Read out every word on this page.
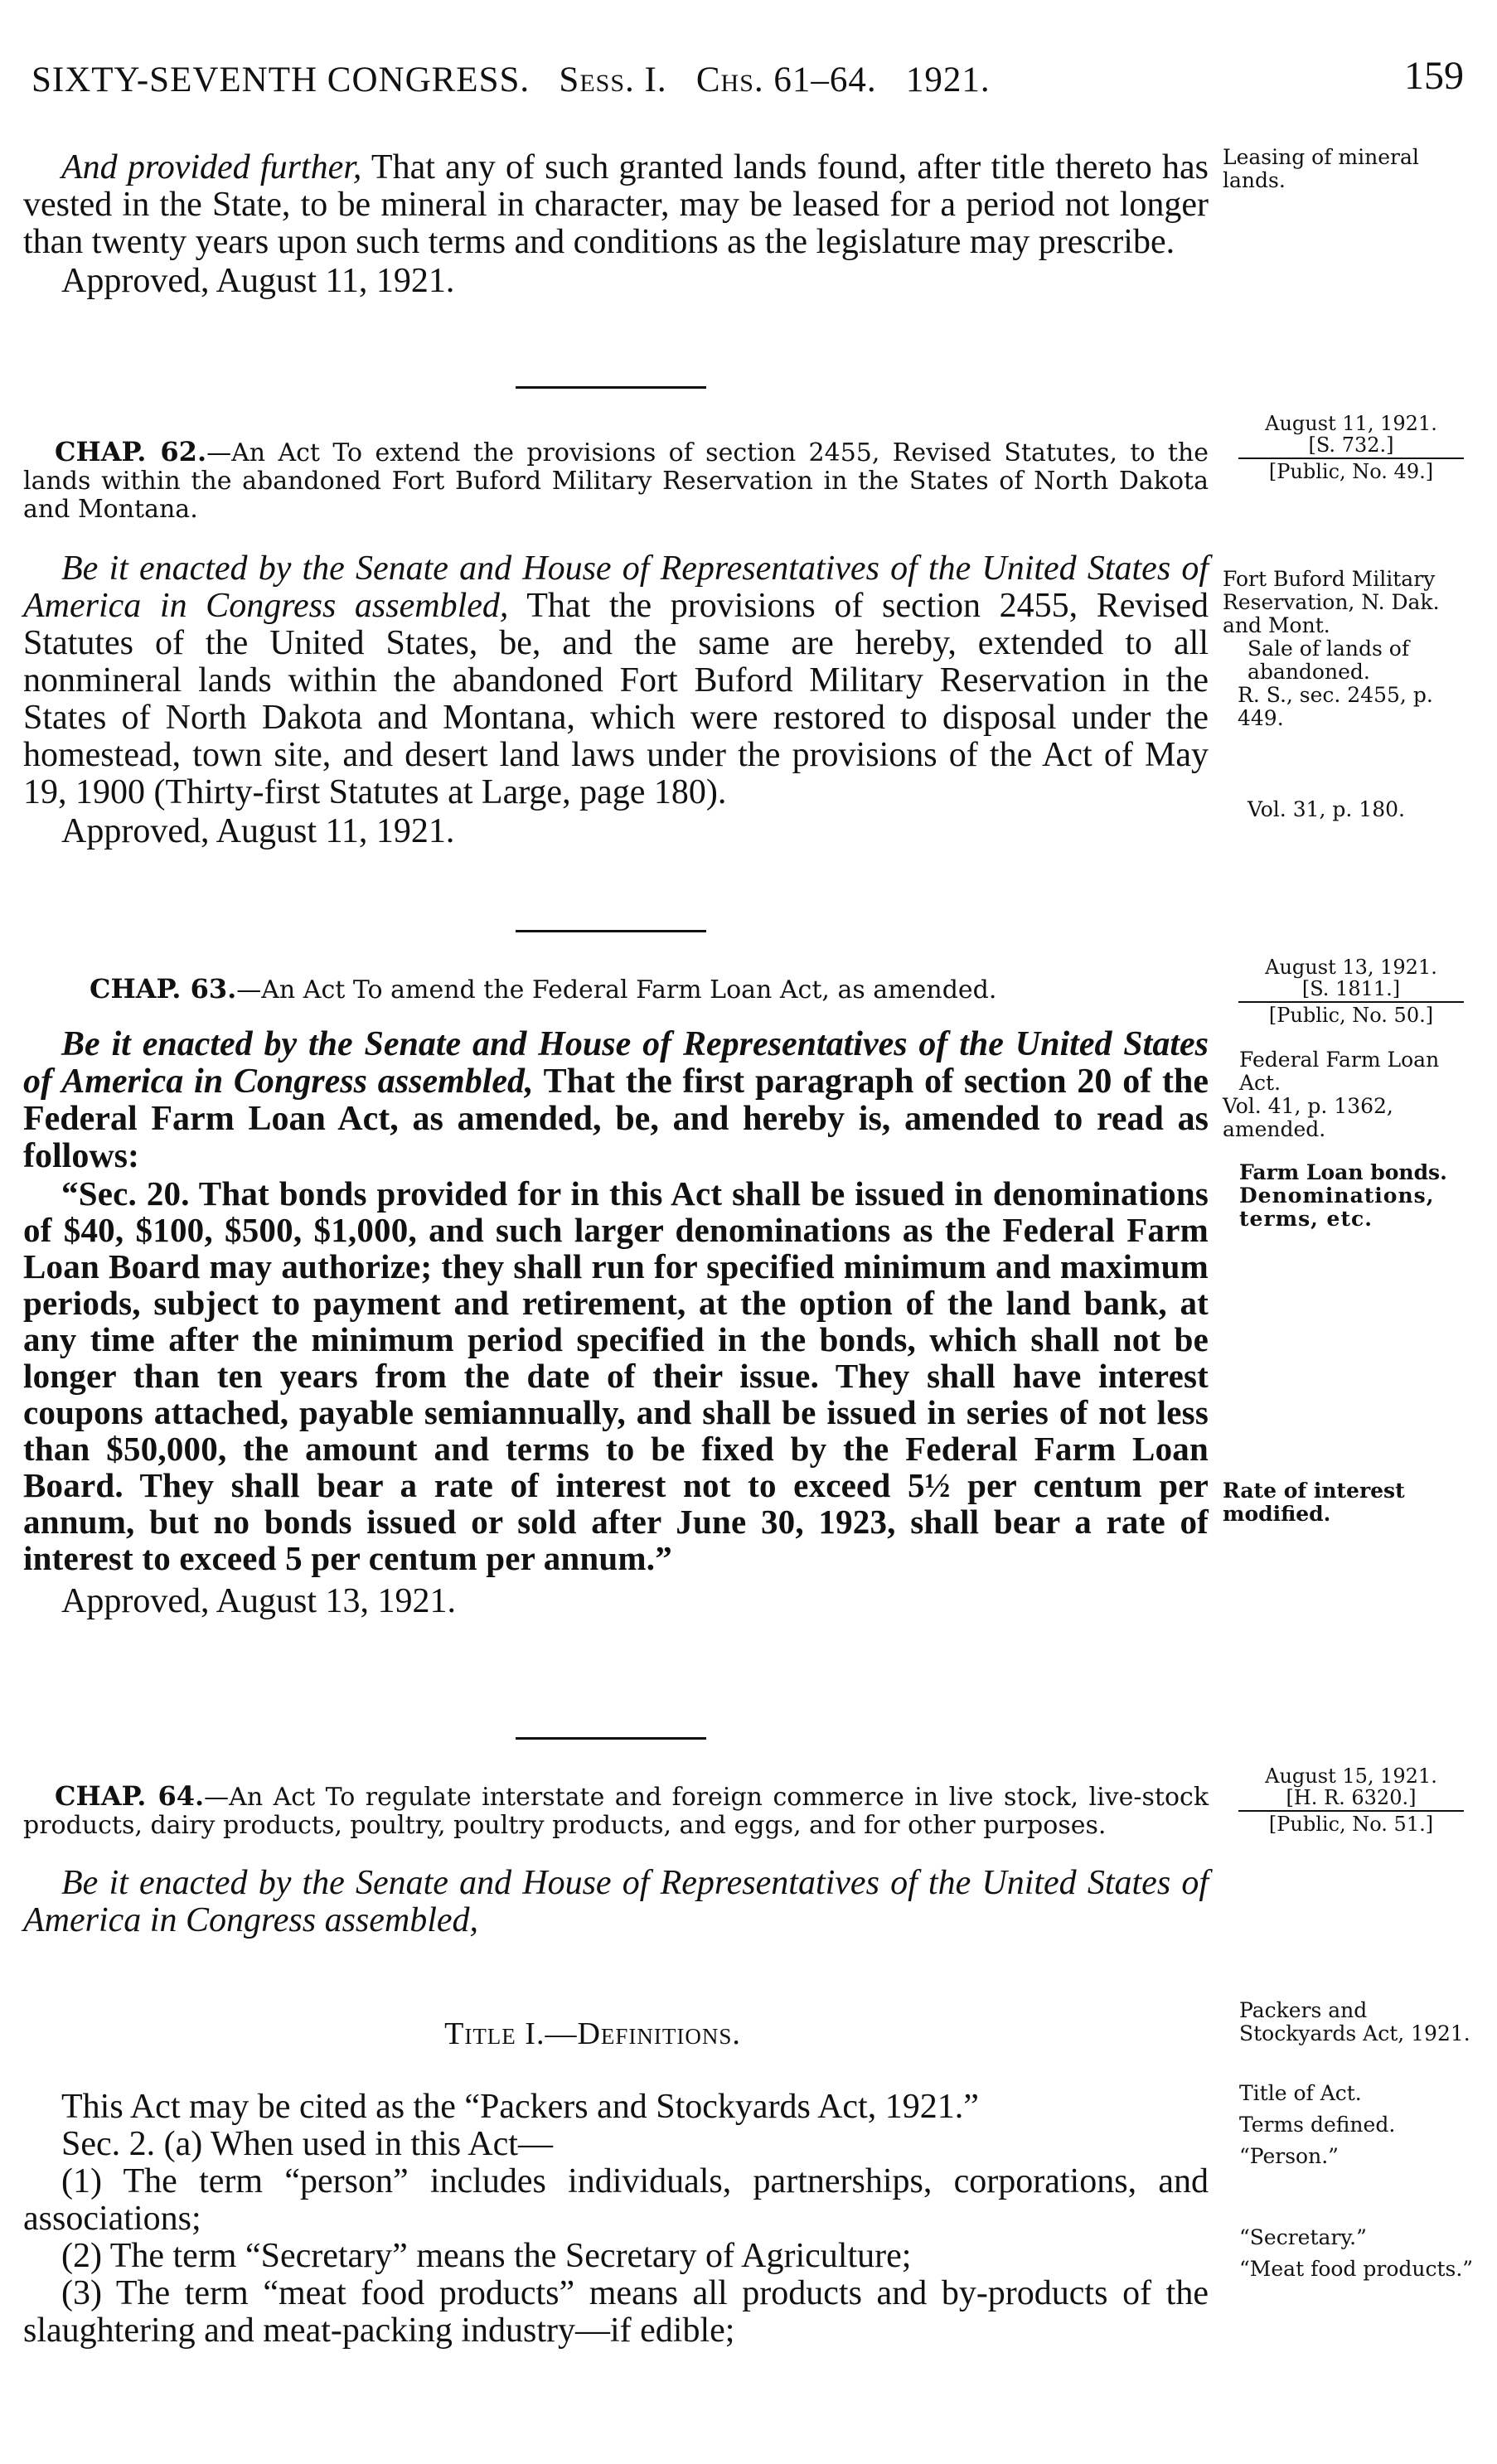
SIXTY-SEVENTH CONGRESS. Sess. I. Chs. 61–64. 1921.	159

And provided further, That any of such granted lands found, after title thereto has vested in the State, to be mineral in character, may be leased for a period not longer than twenty years upon such terms and conditions as the legislature may prescribe.

Approved, August 11, 1921.

Leasing of mineral lands.
August 11, 1921.
[S. 732.]
[Public, No. 49.]

CHAP. 62.—An Act To extend the provisions of section 2455, Revised Statutes, to the lands within the abandoned Fort Buford Military Reservation in the States of North Dakota and Montana.

Be it enacted by the Senate and House of Representatives of the United States of America in Congress assembled, That the provisions of section 2455, Revised Statutes of the United States, be, and the same are hereby, extended to all nonmineral lands within the abandoned Fort Buford Military Reservation in the States of North Dakota and Montana, which were restored to disposal under the homestead, town site, and desert land laws under the provisions of the Act of May 19, 1900 (Thirty-first Statutes at Large, page 180).

Approved, August 11, 1921.

Fort Buford Military Reservation, N. Dak. and Mont.
Sale of lands of abandoned.
R. S., sec. 2455, p. 449.
Vol. 31, p. 180.
August 13, 1921.
[S. 1811.]
[Public, No. 50.]

CHAP. 63.—An Act To amend the Federal Farm Loan Act, as amended.

Be it enacted by the Senate and House of Representatives of the United States of America in Congress assembled, That the first paragraph of section 20 of the Federal Farm Loan Act, as amended, be, and hereby is, amended to read as follows:

“Sec. 20. That bonds provided for in this Act shall be issued in denominations of $40, $100, $500, $1,000, and such larger denominations as the Federal Farm Loan Board may authorize; they shall run for specified minimum and maximum periods, subject to payment and retirement, at the option of the land bank, at any time after the minimum period specified in the bonds, which shall not be longer than ten years from the date of their issue. They shall have interest coupons attached, payable semiannually, and shall be issued in series of not less than $50,000, the amount and terms to be fixed by the Federal Farm Loan Board. They shall bear a rate of interest not to exceed 5½ per centum per annum, but no bonds issued or sold after June 30, 1923, shall bear a rate of interest to exceed 5 per centum per annum.”

Approved, August 13, 1921.

Federal Farm Loan Act.
Vol. 41, p. 1362, amended.
Farm Loan bonds.
Denominations, terms, etc.
Rate of interest modified.
August 15, 1921.
[H. R. 6320.]
[Public, No. 51.]

CHAP. 64.—An Act To regulate interstate and foreign commerce in live stock, live-stock products, dairy products, poultry, poultry products, and eggs, and for other purposes.

Be it enacted by the Senate and House of Representatives of the United States of America in Congress assembled,

Title I.—Definitions.

This Act may be cited as the “Packers and Stockyards Act, 1921.”

Sec. 2. (a) When used in this Act—

(1) The term “person” includes individuals, partnerships, corporations, and associations;

(2) The term “Secretary” means the Secretary of Agriculture;

(3) The term “meat food products” means all products and by-products of the slaughtering and meat-packing industry—if edible;

Packers and Stockyards Act, 1921.
Title of Act.
Terms defined.
“Person.”
“Secretary.”
“Meat food products.”
